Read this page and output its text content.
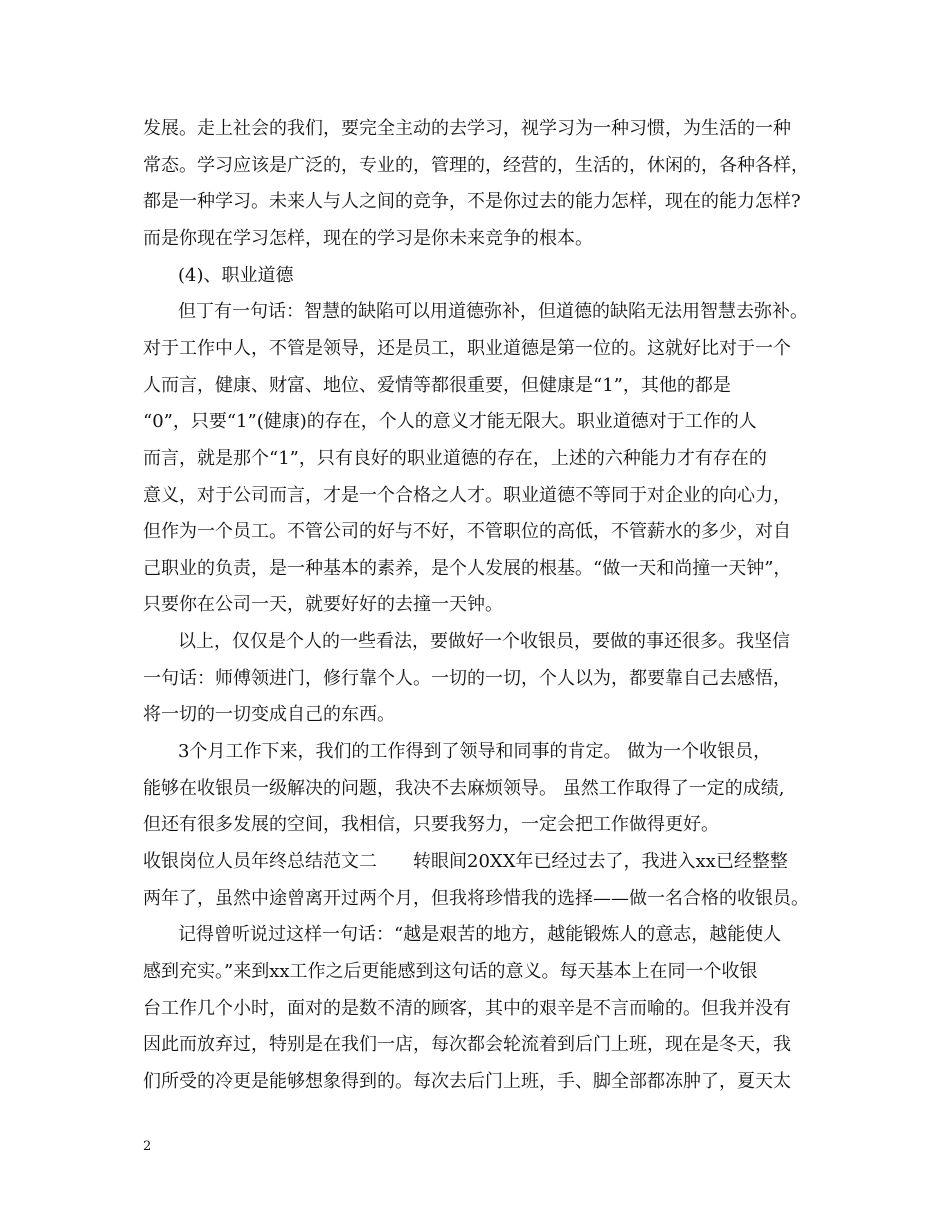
发展。走上社会的我们，要完全主动的去学习，视学习为一种习惯，为生活的一种
常态。学习应该是广泛的，专业的，管理的，经营的，生活的，休闲的，各种各样，
都是一种学习。未来人与人之间的竞争，不是你过去的能力怎样，现在的能力怎样?
而是你现在学习怎样，现在的学习是你未来竞争的根本。
(4)、职业道德
但丁有一句话：智慧的缺陷可以用道德弥补，但道德的缺陷无法用智慧去弥补。
对于工作中人，不管是领导，还是员工，职业道德是第一位的。这就好比对于一个
人而言，健康、财富、地位、爱情等都很重要，但健康是“1”，其他的都是
“0”，只要“1”(健康)的存在，个人的意义才能无限大。职业道德对于工作的人
而言，就是那个“1”，只有良好的职业道德的存在，上述的六种能力才有存在的
意义，对于公司而言，才是一个合格之人才。职业道德不等同于对企业的向心力，
但作为一个员工。不管公司的好与不好，不管职位的高低，不管薪水的多少，对自
己职业的负责，是一种基本的素养，是个人发展的根基。“做一天和尚撞一天钟”，
只要你在公司一天，就要好好的去撞一天钟。
以上，仅仅是个人的一些看法，要做好一个收银员，要做的事还很多。我坚信
一句话：师傅领进门，修行靠个人。一切的一切，个人以为，都要靠自己去感悟，
将一切的一切变成自己的东西。
3个月工作下来，我们的工作得到了领导和同事的肯定。 做为一个收银员，
能够在收银员一级解决的问题，我决不去麻烦领导。 虽然工作取得了一定的成绩,
但还有很多发展的空间，我相信，只要我努力，一定会把工作做得更好。
收银岗位人员年终总结范文二　　转眼间20XX年已经过去了，我进入xx已经整整
两年了，虽然中途曾离开过两个月，但我将珍惜我的选择——做一名合格的收银员。
记得曾听说过这样一句话：“越是艰苦的地方，越能锻炼人的意志，越能使人
感到充实。”来到xx工作之后更能感到这句话的意义。每天基本上在同一个收银
台工作几个小时，面对的是数不清的顾客，其中的艰辛是不言而喻的。但我并没有
因此而放弃过，特别是在我们一店，每次都会轮流着到后门上班，现在是冬天，我
们所受的冷更是能够想象得到的。每次去后门上班，手、脚全部都冻肿了，夏天太
2
